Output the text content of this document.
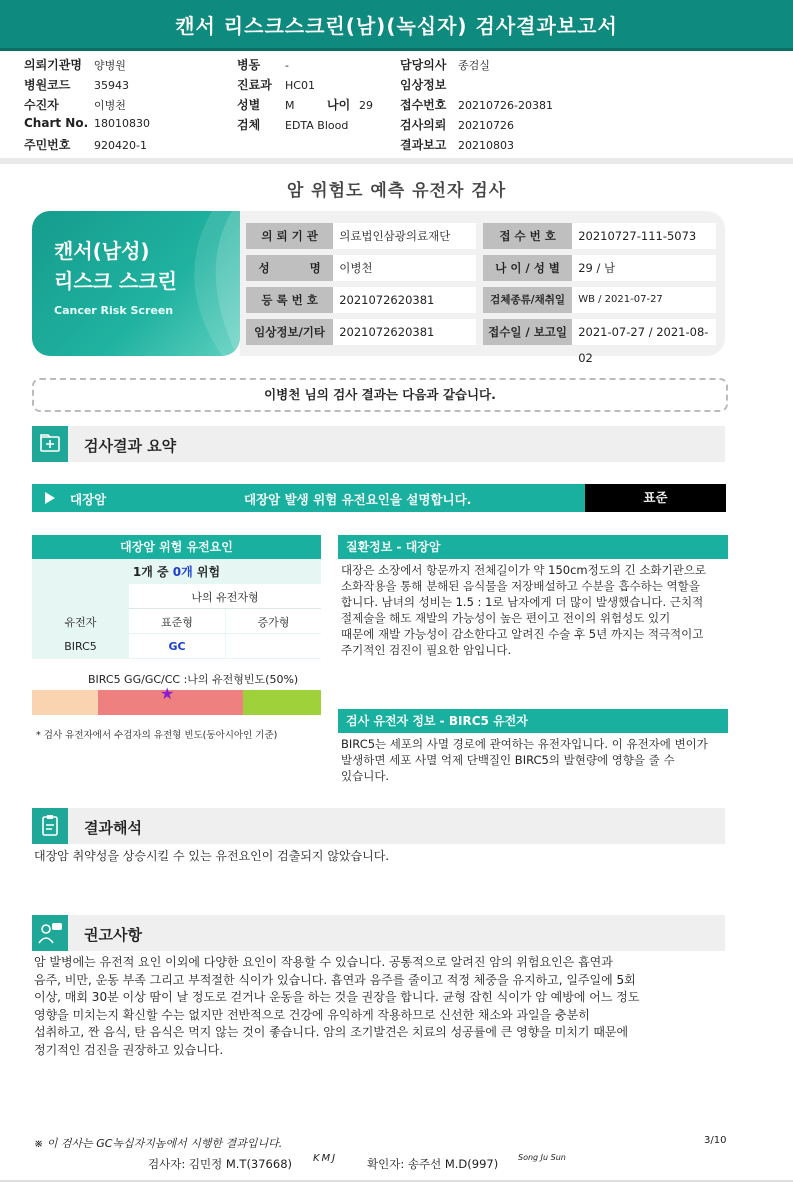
캔서 리스크스크린(남)(녹십자) 검사결과보고서
의뢰기관명 양병원
병원코드 35943
수진자	이병천
Chart No. 18010830
주민번호 920420-1
병동 -
진료과 HC01
성별 M	나이 29
검체 EDTA Blood
담당의사 종검실
임상정보
접수번호 20210726-20381
검사의뢰 20210726
결과보고 20210803
암 위험도 예측 유전자 검사
캔서(남성)
리스크 스크린
Cancer Risk Screen
의 뢰 기 관	의료법인삼광의료재단	접 수 번 호	20210727-111-5073
성          명	이병천	나 이 / 성 별	29 / 남
등 록 번 호	2021072620381	검체종류/채취일	WB / 2021-07-27
임상정보/기타	2021072620381	접수일 / 보고일 2021-07-27 / 2021-08-02
이병천 님의 검사 결과는 다음과 같습니다.
검사결과 요약
대장암	대장암 발생 위험 유전요인을 설명합니다.	표준
대장암 위험 유전요인
1개 중 0개 위험
나의 유전자형
유전자	표준형	증가형
BIRC5	GC
BIRC5 GG/GC/CC :나의 유전형빈도(50%)
★
* 검사 유전자에서 수검자의 유전형 빈도(동아시아인 기준)
질환정보 - 대장암
대장은 소장에서 항문까지 전체길이가 약 150cm정도의 긴 소화기관으로
소화작용을 통해 분해된 음식물을 저장배설하고 수분을 흡수하는 역할을
합니다. 남녀의 성비는 1.5 : 1로 남자에게 더 많이 발생했습니다. 근치적
절제술을 해도 재발의 가능성이 높은 편이고 전이의 위험성도 있기
때문에 재발 가능성이 감소한다고 알려진 수술 후 5년 까지는 적극적이고
주기적인 검진이 필요한 암입니다.
검사 유전자 정보 - BIRC5 유전자
BIRC5는 세포의 사멸 경로에 관여하는 유전자입니다. 이 유전자에 변이가
발생하면 세포 사멸 억제 단백질인 BIRC5의 발현량에 영향을 줄 수
있습니다.
결과해석
대장암 취약성을 상승시킬 수 있는 유전요인이 검출되지 않았습니다.
권고사항
암 발병에는 유전적 요인 이외에 다양한 요인이 작용할 수 있습니다. 공통적으로 알려진 암의 위험요인은 흡연과
음주, 비만, 운동 부족 그리고 부적절한 식이가 있습니다. 흡연과 음주를 줄이고 적정 체중을 유지하고, 일주일에 5회
이상, 매회 30분 이상 땀이 날 정도로 걷거나 운동을 하는 것을 권장을 합니다. 균형 잡힌 식이가 암 예방에 어느 정도
영향을 미치는지 확신할 수는 없지만 전반적으로 건강에 유익하게 작용하므로 신선한 채소와 과일을 충분히
섭취하고, 짠 음식, 탄 음식은 먹지 않는 것이 좋습니다. 암의 조기발견은 치료의 성공률에 큰 영향을 미치기 때문에
정기적인 검진을 권장하고 있습니다.
※ 이 검사는 GC녹십자지놈에서 시행한 결과입니다.	3/10
검사자: 김민정 M.T(37668) KMJ	확인자: 송주선 M.D(997) Song Ju Sun
